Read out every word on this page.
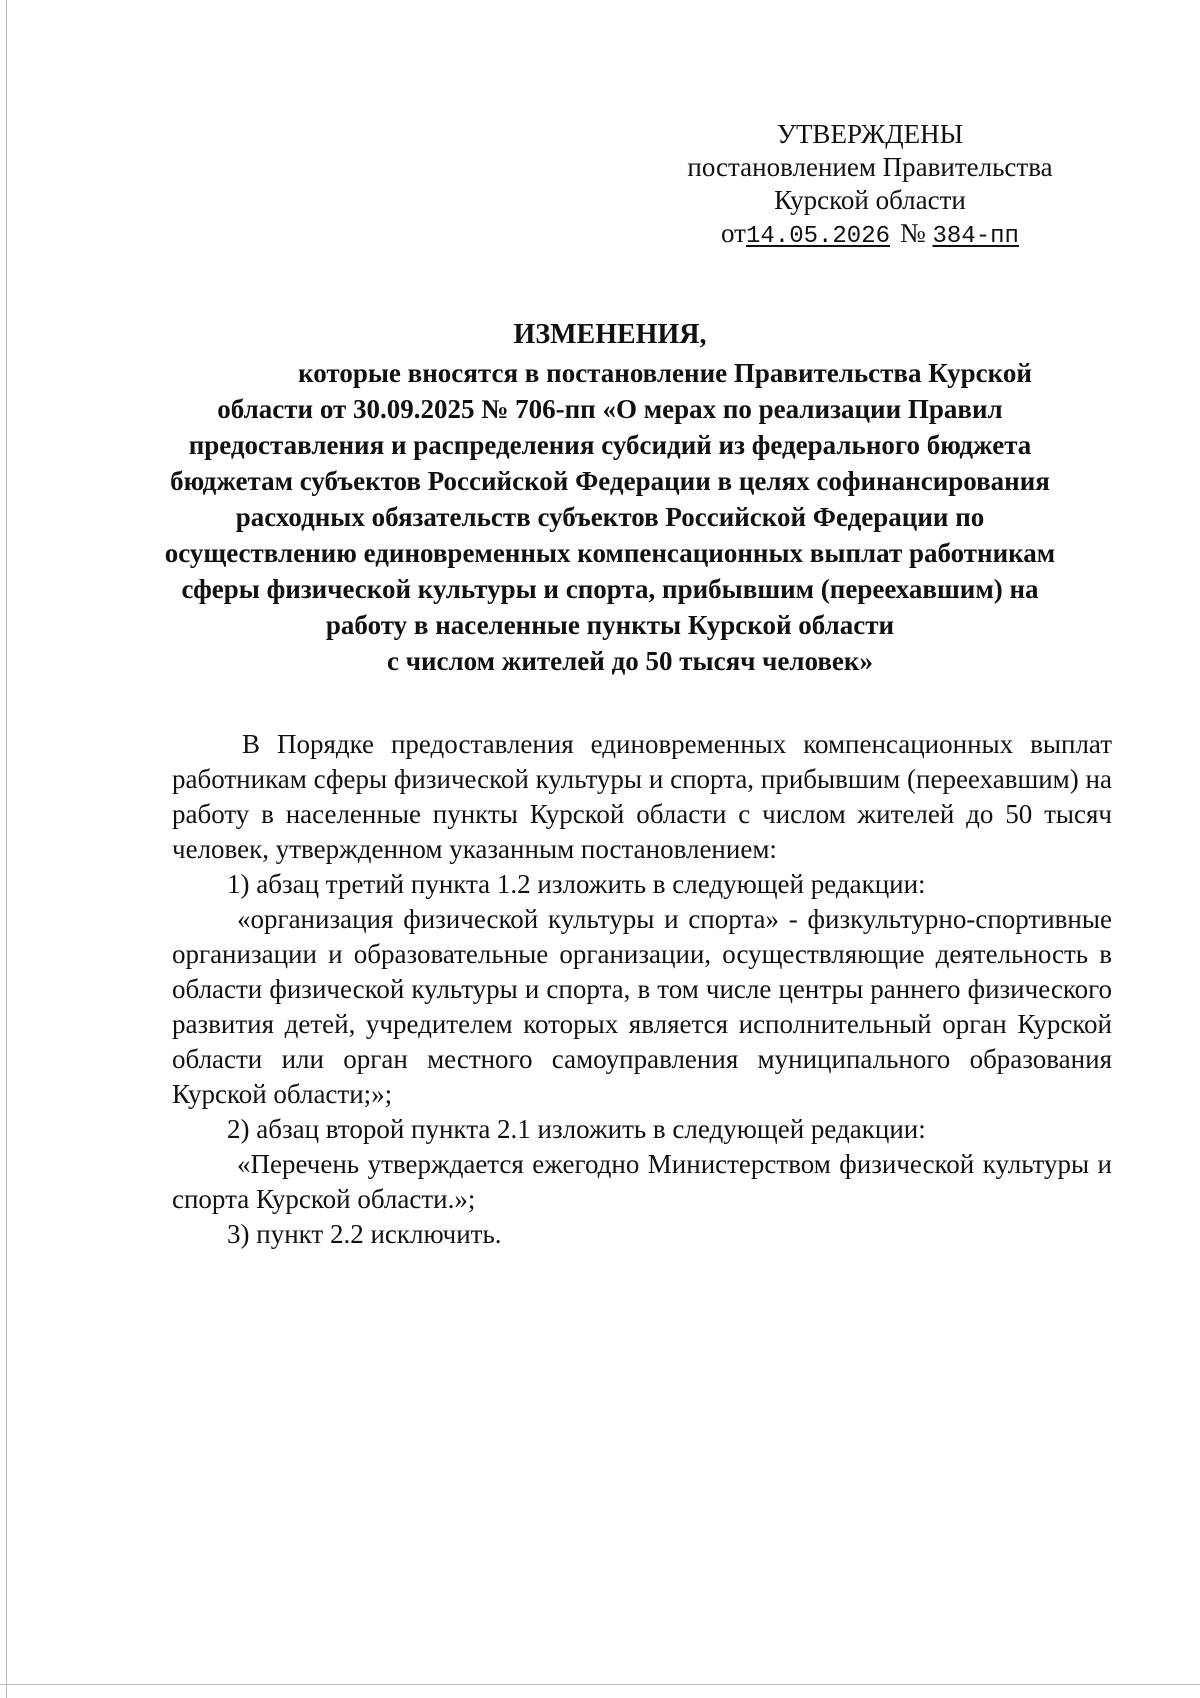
УТВЕРЖДЕНЫ
постановлением Правительства
Курской области
от14.05.2026 № 384-пп
ИЗМЕНЕНИЯ,
которые вносятся в постановление Правительства Курской
области от 30.09.2025 № 706-пп «О мерах по реализации Правил
предоставления и распределения субсидий из федерального бюджета
бюджетам субъектов Российской Федерации в целях софинансирования
расходных обязательств субъектов Российской Федерации по
осуществлению единовременных компенсационных выплат работникам
сферы физической культуры и спорта, прибывшим (переехавшим) на
работу в населенные пункты Курской области
с числом жителей до 50 тысяч человек»

В Порядке предоставления единовременных компенсационных выплат работникам сферы физической культуры и спорта, прибывшим (переехавшим) на работу в населенные пункты Курской области с числом жителей до 50 тысяч человек, утвержденном указанным постановлением:

1) абзац третий пункта 1.2 изложить в следующей редакции:

«организация физической культуры и спорта» - физкультурно-спортивные организации и образовательные организации, осуществляющие деятельность в области физической культуры и спорта, в том числе центры раннего физического развития детей, учредителем которых является исполнительный орган Курской области или орган местного самоуправления муниципального образования Курской области;»;

2) абзац второй пункта 2.1 изложить в следующей редакции:

«Перечень утверждается ежегодно Министерством физической культуры и спорта Курской области.»;

3) пункт 2.2 исключить.
